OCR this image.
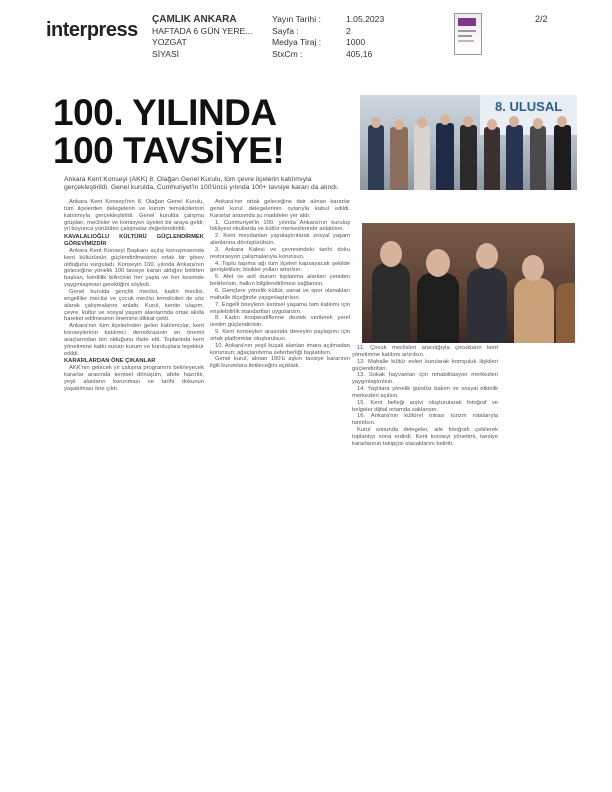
interpress ÇAMLIK ANKARA
HAFTADA 6 GÜN YERE...
YOZGAT
SİYASİ
Yayın Tarihi :	1.05.2023
Sayfa :	2
Medya Tiraj :	1000
StxCm :	405,16
2/2
100. YILINDA
100 TAVSİYE!
Ankara Kent Konseyi (AKK) 8. Olağan Genel Kurulu, tüm çevre ilçelerin katılımıyla gerçekleştirildi. Genel kurulda, Cumhuriyet'in 100'üncü yılında 100+ tavsiye kararı da alındı.
8. ULUSAL

Ankara Kent Konseyi'nin 8. Olağan Genel Kurulu, tüm ilçelerden delegelerin ve kurum temsilcilerinin katılımıyla gerçekleştirildi. Genel kurulda çalışma grupları, meclisler ve komisyon üyeleri bir araya geldi; yıl boyunca yürütülen çalışmalar değerlendirildi.

KAVALALIOĞLU KÜLTÜRÜ GÜÇLENDİRMEK GÖREVİMİZDİR

Ankara Kent Konseyi Başkanı açılış konuşmasında kent kültürünün güçlendirilmesinin ortak bir görev olduğunu vurguladı. Konseyin 100. yılında Ankara'nın geleceğine yönelik 100 tavsiye kararı aldığını belirten başkan, kentlilik bilincinin her yaşta ve her kesimde yaygınlaşması gerektiğini söyledi.

Genel kurulda gençlik meclisi, kadın meclisi, engelliler meclisi ve çocuk meclisi temsilcileri de söz alarak çalışmalarını anlattı. Kurul, kentin ulaşım, çevre, kültür ve sosyal yaşam alanlarında ortak akılla hareket edilmesinin önemine dikkat çekti.

Ankara'nın tüm ilçelerinden gelen katılımcılar, kent konseylerinin katılımcı demokrasinin en önemli araçlarından biri olduğunu ifade etti. Toplantıda kent yönetimine katkı sunan kurum ve kuruluşlara teşekkür edildi.

KARARLARDAN ÖNE ÇIKANLAR

AKK'nın gelecek yıl çalışma programını belirleyecek kararlar arasında kentsel dönüşüm, afete hazırlık, yeşil alanların korunması ve tarihi dokunun yaşatılması öne çıktı.

Ankara'nın ortak geleceğine dair alınan kararlar genel kurul delegelerinin oylarıyla kabul edildi. Kararlar arasında şu maddeler yer aldı:

1. Cumhuriyet'in 100. yılında Ankara'nın kuruluş hikâyesi okullarda ve kültür merkezlerinde anlatılsın.

2. Kent meydanları yayalaştırılarak sosyal yaşam alanlarına dönüştürülsün.

3. Ankara Kalesi ve çevresindeki tarihi doku restorasyon çalışmalarıyla korunsun.

4. Toplu taşıma ağı tüm ilçeleri kapsayacak şekilde genişletilsin; bisiklet yolları artırılsın.

5. Afet ve acil durum toplanma alanları yeniden belirlensin, halkın bilgilendirilmesi sağlansın.

6. Gençlere yönelik kültür, sanat ve spor olanakları mahalle ölçeğinde yaygınlaştırılsın.

7. Engelli bireylerin kentsel yaşama tam katılımı için erişilebilirlik standartları uygulansın.

8. Kadın kooperatiflerine destek verilerek yerel üretim güçlendirilsin.

9. Kent konseyleri arasında deneyim paylaşımı için ortak platformlar oluşturulsun.

10. Ankara'nın yeşil kuşak alanları imara açılmadan korunsun; ağaçlandırma seferberliği başlatılsın.

Genel kurul, alınan 100'ü aşkın tavsiye kararının ilgili kurumlara iletileceğini açıkladı.

11. Çocuk meclisleri aracılığıyla çocukların kent yönetimine katılımı artırılsın.

12. Mahalle kültür evleri kurularak komşuluk ilişkileri güçlendirilsin.

13. Sokak hayvanları için rehabilitasyon merkezleri yaygınlaştırılsın.

14. Yaşlılara yönelik gündüz bakım ve sosyal etkinlik merkezleri açılsın.

15. Kent belleği arşivi oluşturularak fotoğraf ve belgeler dijital ortamda saklansın.

16. Ankara'nın kültürel mirası turizm rotalarıyla tanıtılsın.

Kurul sonunda delegeler, aile fotoğrafı çekilerek toplantıyı sona erdirdi. Kent konseyi yönetimi, tavsiye kararlarının takipçisi olacaklarını belirtti.
